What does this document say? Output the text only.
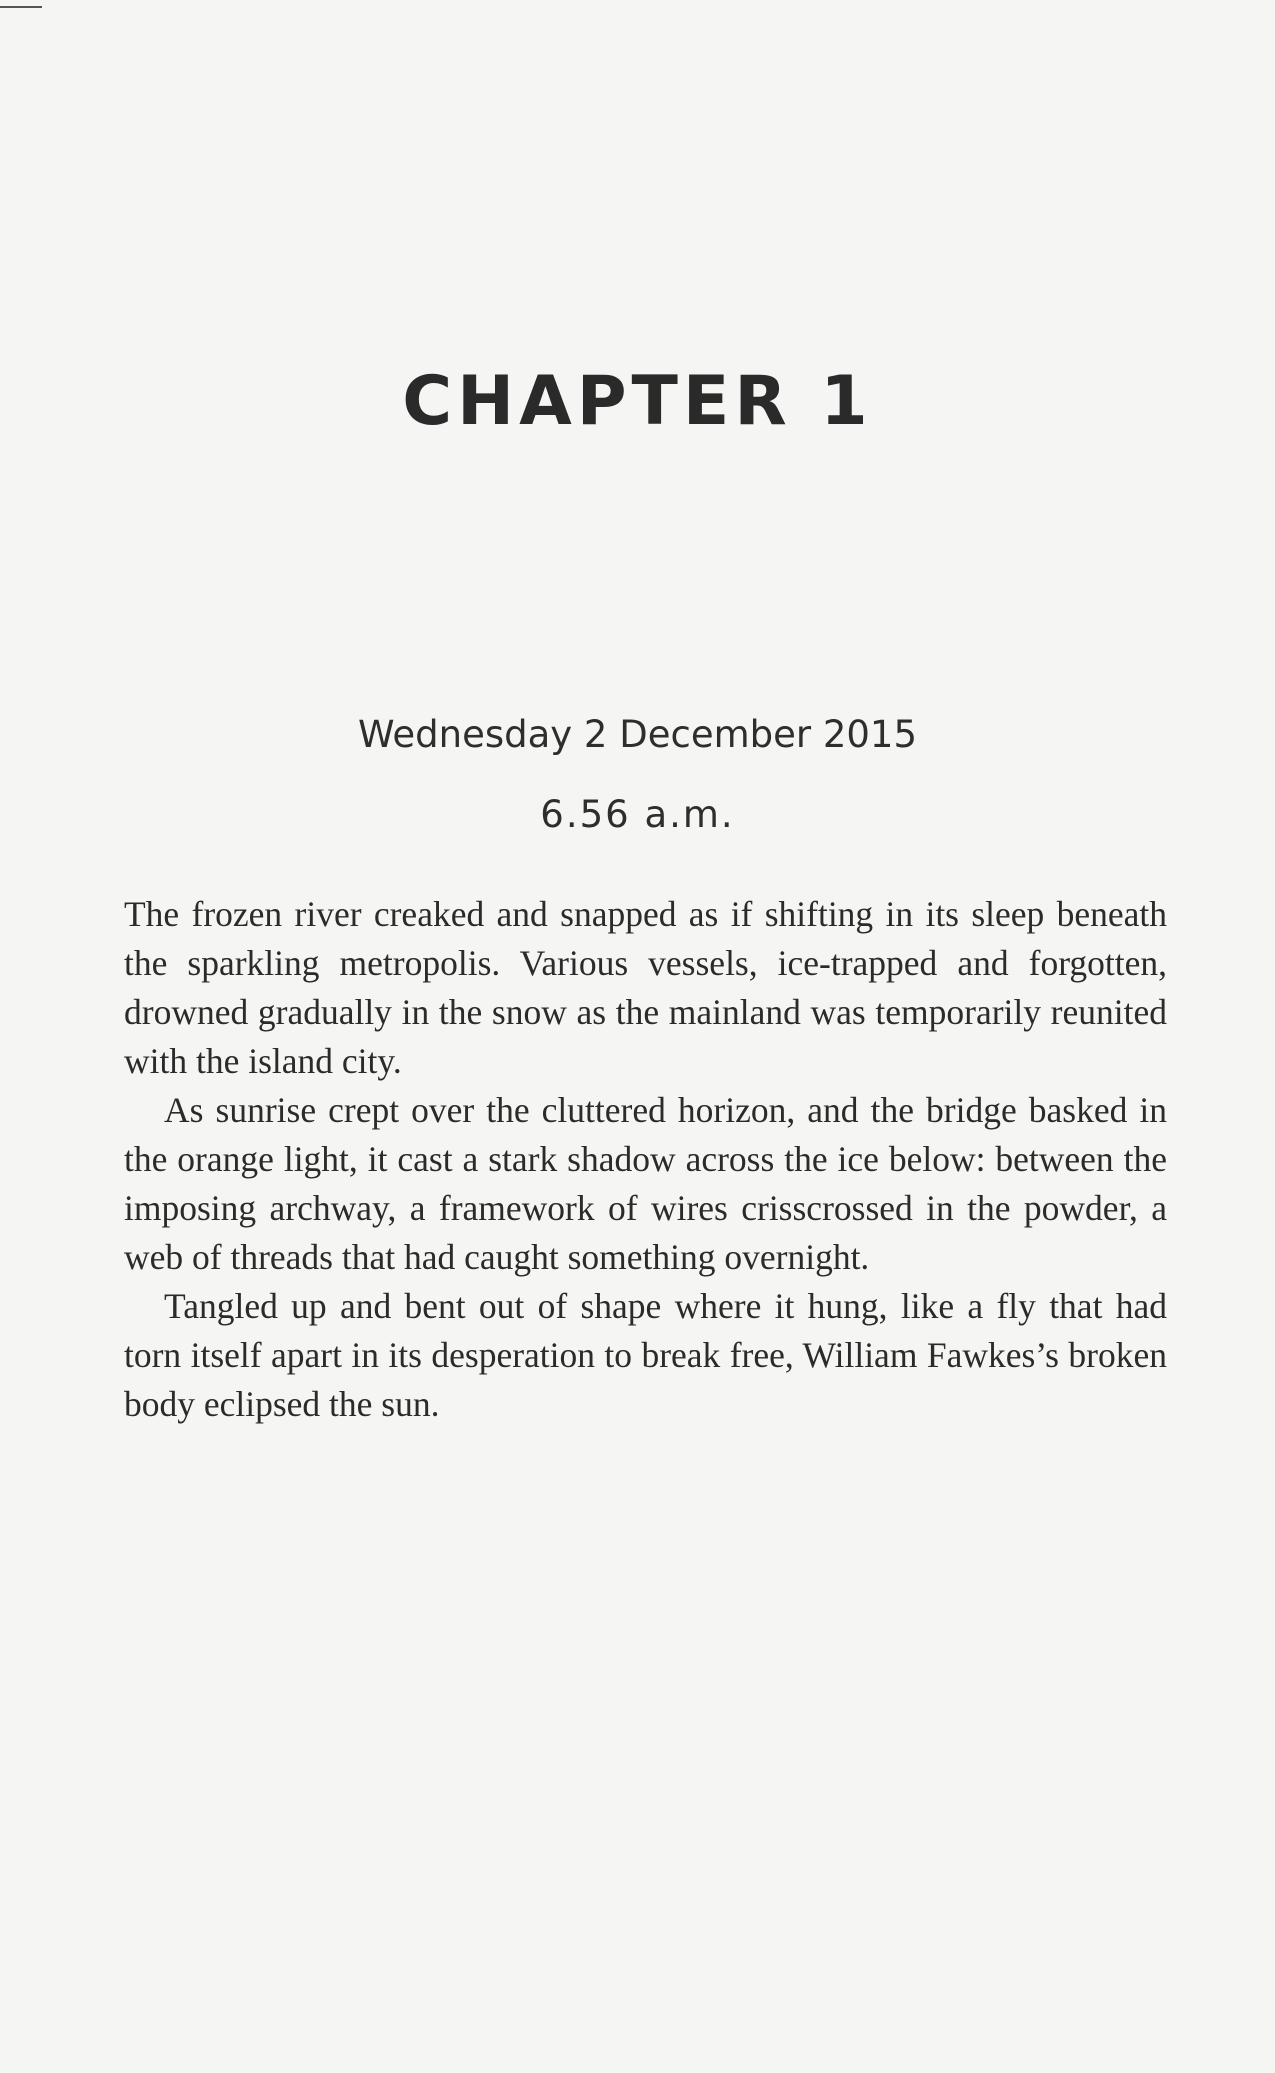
CHAPTER 1
Wednesday 2 December 2015
6.56 a.m.

The frozen river creaked and snapped as if shifting in its sleep beneath the sparkling metropolis. Various vessels, ice-trapped and forgotten, drowned gradually in the snow as the mainland was temporarily reunited with the island city.

As sunrise crept over the cluttered horizon, and the bridge basked in the orange light, it cast a stark shadow across the ice below: between the imposing archway, a framework of wires crisscrossed in the powder, a web of threads that had caught something overnight.

Tangled up and bent out of shape where it hung, like a fly that had torn itself apart in its desperation to break free, William Fawkes’s broken body eclipsed the sun.
